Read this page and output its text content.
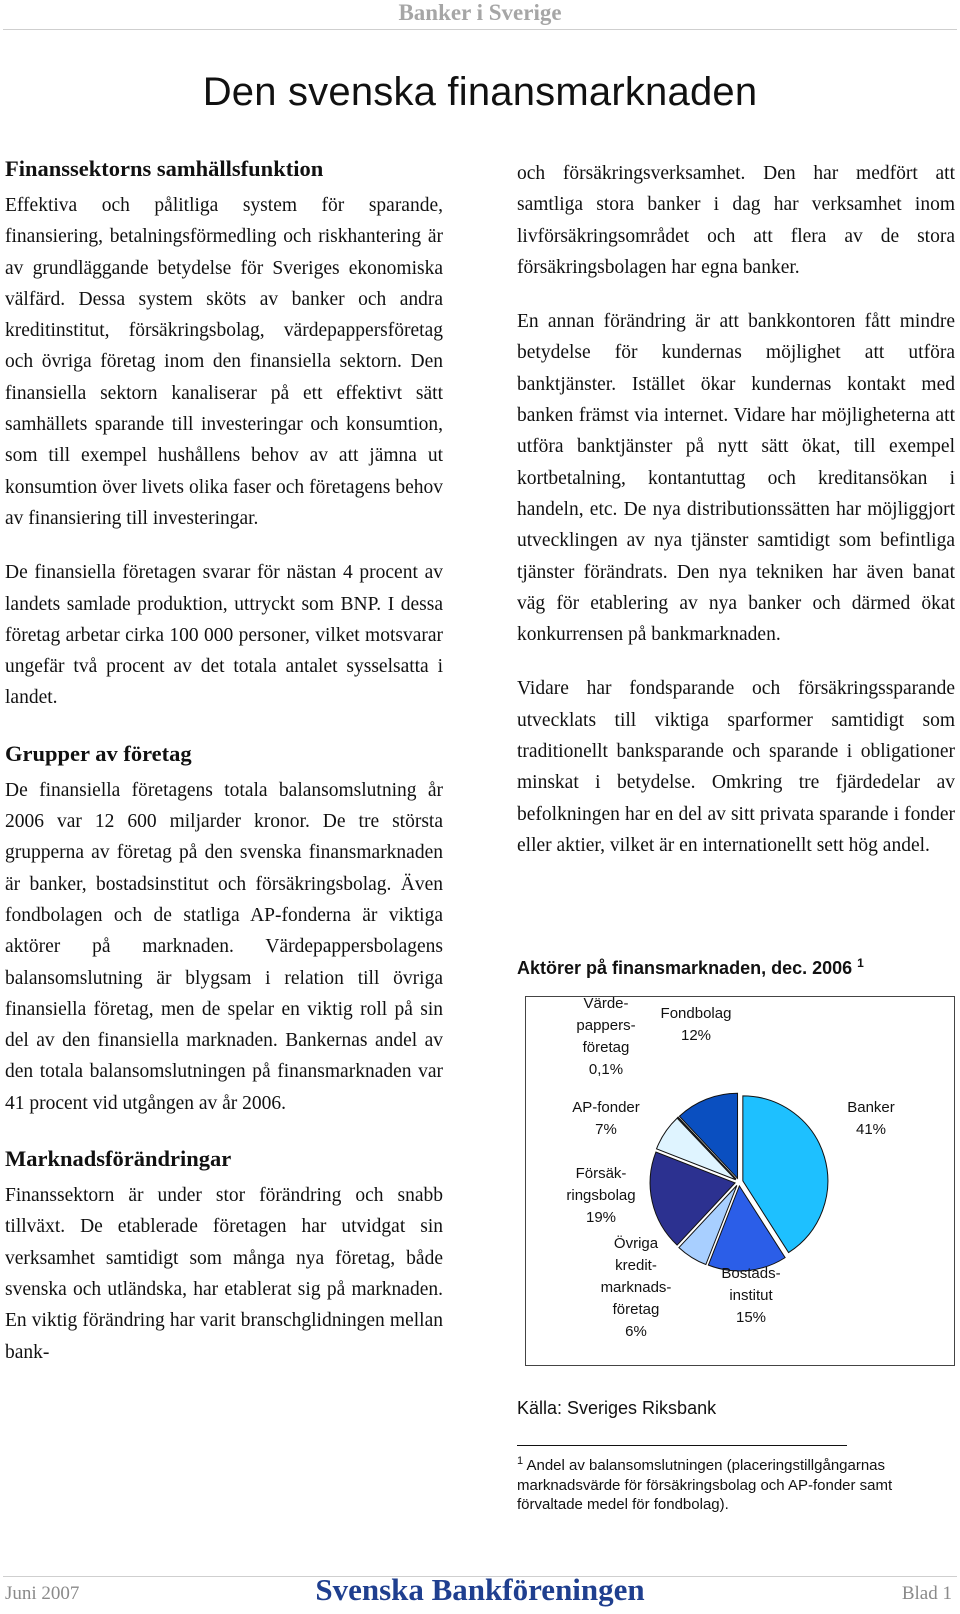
Banker i Sverige
Den svenska finansmarknaden
Finanssektorns samhällsfunktion

Effektiva och pålitliga system för sparande, finansiering, betalningsförmedling och riskhantering är av grundläggande betydelse för Sveriges ekonomiska välfärd. Dessa system sköts av banker och andra kreditinstitut, försäkringsbolag, värdepappersföretag och övriga företag inom den finansiella sektorn. Den finansiella sektorn kanaliserar på ett effektivt sätt samhällets sparande till investeringar och konsumtion, som till exempel hushållens behov av att jämna ut konsumtion över livets olika faser och företagens behov av finansiering till investeringar.

De finansiella företagen svarar för nästan 4 procent av landets samlade produktion, uttryckt som BNP. I dessa företag arbetar cirka 100 000 personer, vilket motsvarar ungefär två procent av det totala antalet sysselsatta i landet.

Grupper av företag

De finansiella företagens totala balansomslutning år 2006 var 12 600 miljarder kronor. De tre största grupperna av företag på den svenska finansmarknaden är banker, bostadsinstitut och försäkringsbolag. Även fondbolagen och de statliga AP-fonderna är viktiga aktörer på marknaden. Värdepappersbolagens balansomslutning är blygsam i relation till övriga finansiella företag, men de spelar en viktig roll på sin del av den finansiella marknaden. Bankernas andel av den totala balansomslutningen på finansmarknaden var 41 procent vid utgången av år 2006.

Marknadsförändringar

Finanssektorn är under stor förändring och snabb tillväxt. De etablerade företagen har utvidgat sin verksamhet samtidigt som många nya företag, både svenska och utländska, har etablerat sig på marknaden. En viktig förändring har varit branschglidningen mellan bank-

och försäkringsverksamhet. Den har medfört att samtliga stora banker i dag har verksamhet inom livförsäkringsområdet och att flera av de stora försäkringsbolagen har egna banker.

En annan förändring är att bankkontoren fått mindre betydelse för kundernas möjlighet att utföra banktjänster. Istället ökar kundernas kontakt med banken främst via internet. Vidare har möjligheterna att utföra banktjänster på nytt sätt ökat, till exempel kortbetalning, kontantuttag och kreditansökan i handeln, etc. De nya distributionssätten har möjliggjort utvecklingen av nya tjänster samtidigt som befintliga tjänster förändrats. Den nya tekniken har även banat väg för etablering av nya banker och därmed ökat konkurrensen på bankmarknaden.

Vidare har fondsparande och försäkringssparande utvecklats till viktiga sparformer samtidigt som traditionellt banksparande och sparande i obligationer minskat i betydelse. Omkring tre fjärdedelar av befolkningen har en del av sitt privata sparande i fonder eller aktier, vilket är en internationellt sett hög andel.

Aktörer på finansmarknaden, dec. 2006 $^1$
Banker
41%
Bostads-
institut
15%
Övriga
kredit-
marknads-
företag
6%
Försäk-
ringsbolag
19%
AP-fonder
7%
Värde-
pappers-
företag
0,1%
Fondbolag
12%
Källa: Sveriges Riksbank
$^1$ Andel av balansomslutningen (placeringstillgångarnas marknadsvärde för försäkringsbolag och AP-fonder samt förvaltade medel för fondbolag).
Juni 2007	Svenska Bankföreningen	Blad 1
